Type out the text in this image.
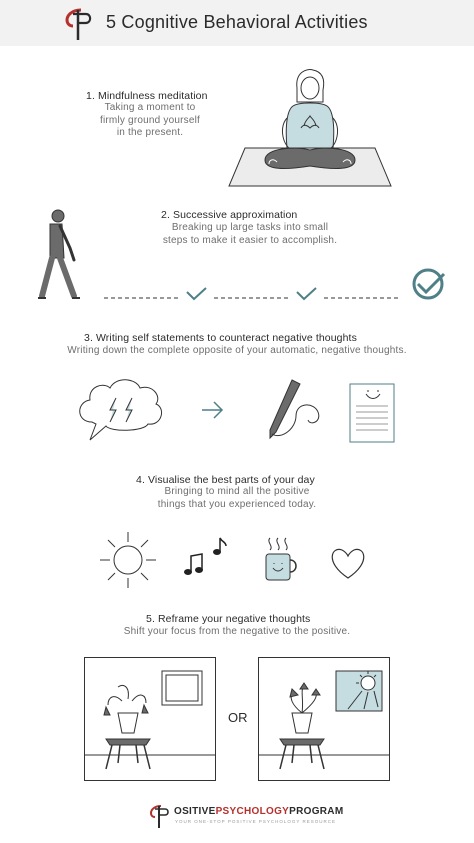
5 Cognitive Behavioral Activities
1. Mindfulness meditation
Taking a moment to
firmly ground yourself
in the present.
2. Successive approximation
Breaking up large tasks into small
steps to make it easier to accomplish.
3. Writing self statements to counteract negative thoughts
Writing down the complete opposite of your automatic, negative thoughts.
4. Visualise the best parts of your day
Bringing to mind all the positive
things that you experienced today.
5. Reframe your negative thoughts
Shift your focus from the negative to the positive.
OR
OSITIVEPSYCHOLOGYPROGRAM
YOUR ONE-STOP POSITIVE PSYCHOLOGY RESOURCE
